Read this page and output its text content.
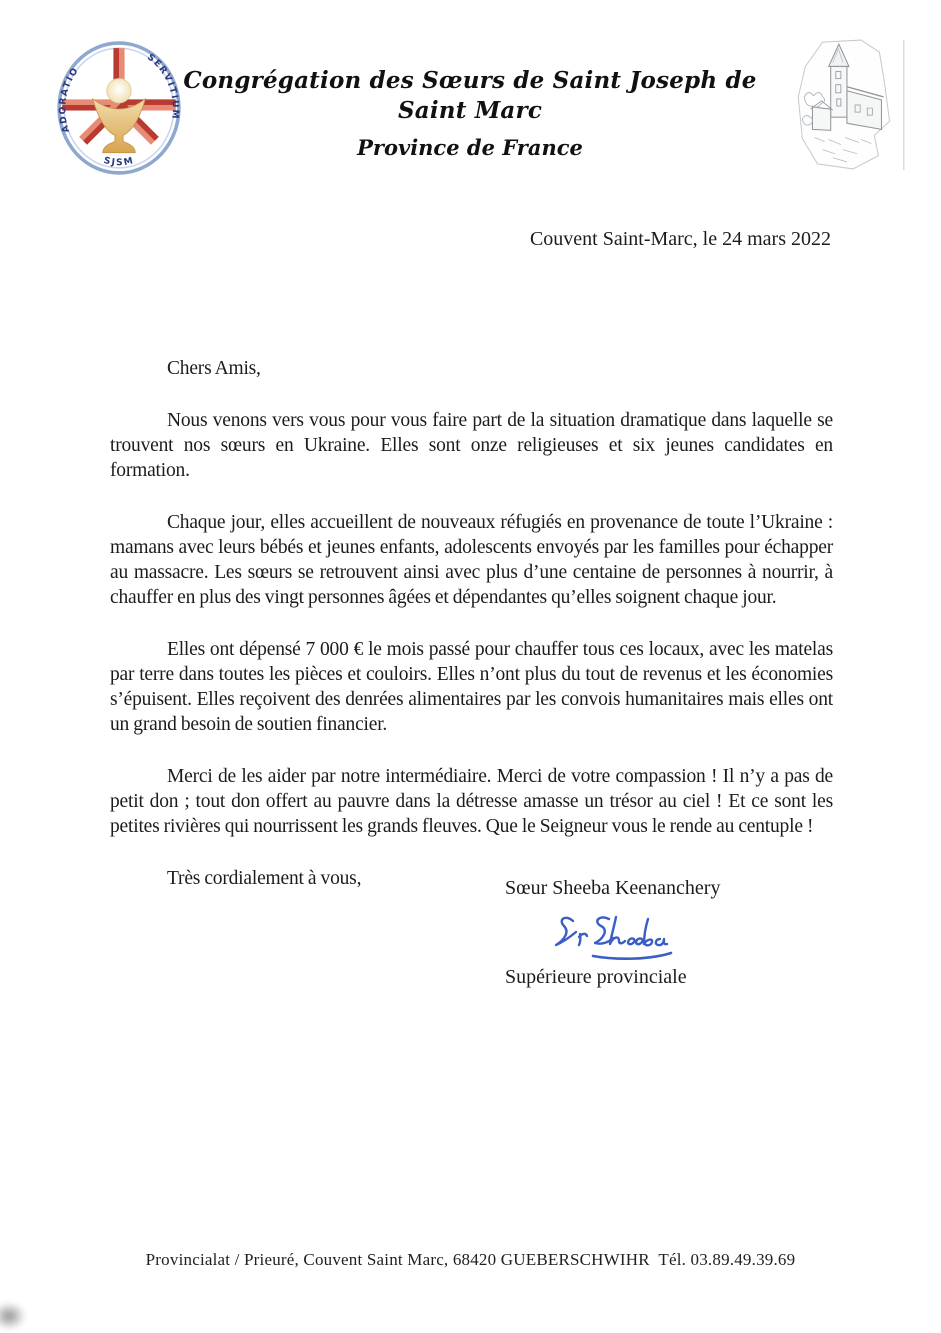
ADORATIO
SERVITIUM
SJSM
Congrégation des Sœurs de Saint Joseph de Saint Marc
Province de France
Couvent Saint-Marc, le 24 mars 2022

Chers Amis,

Nous venons vers vous pour vous faire part de la situation dramatique dans laquelle se trouvent nos sœurs en Ukraine. Elles sont onze religieuses et six jeunes candidates en formation.

Chaque jour, elles accueillent de nouveaux réfugiés en provenance de toute l’Ukraine : mamans avec leurs bébés et jeunes enfants, adolescents envoyés par les familles pour échapper au massacre. Les sœurs se retrouvent ainsi avec plus d’une centaine de personnes à nourrir, à chauffer en plus des vingt personnes âgées et dépendantes qu’elles soignent chaque jour.

Elles ont dépensé 7 000 € le mois passé pour chauffer tous ces locaux, avec les matelas par terre dans toutes les pièces et couloirs. Elles n’ont plus du tout de revenus et les économies s’épuisent. Elles reçoivent des denrées alimentaires par les convois humanitaires mais elles ont un grand besoin de soutien financier.

Merci de les aider par notre intermédiaire. Merci de votre compassion ! Il n’y a pas de petit don ; tout don offert au pauvre dans la détresse amasse un trésor au ciel ! Et ce sont les petites rivières qui nourrissent les grands fleuves. Que le Seigneur vous le rende au centuple !

Très cordialement à vous,	Sœur Sheeba Keenanchery
Supérieure provinciale
Provincialat / Prieuré, Couvent Saint Marc, 68420 GUEBERSCHWIHR  Tél. 03.89.49.39.69
